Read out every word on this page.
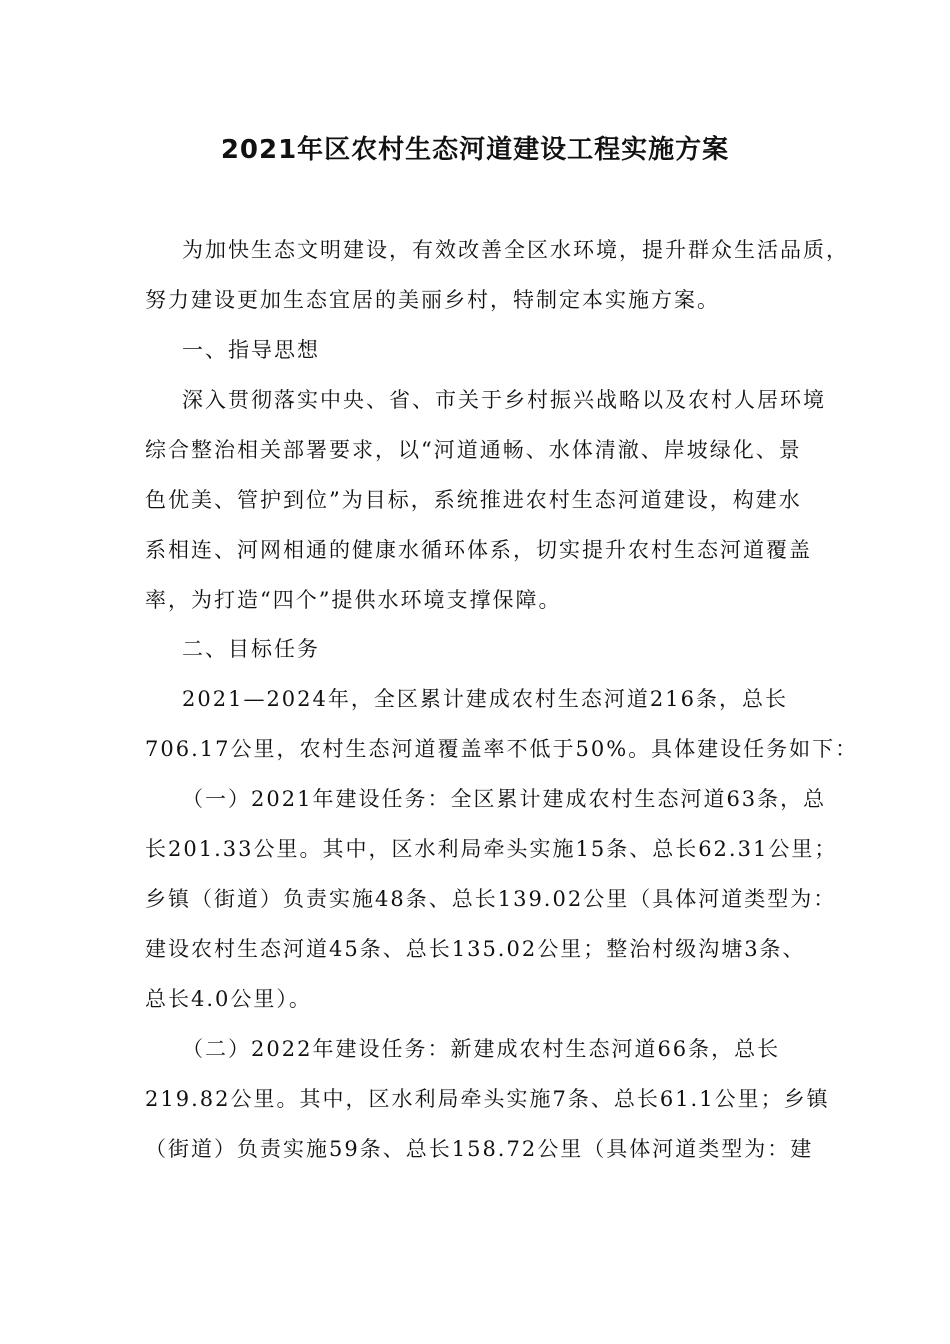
2021年区农村生态河道建设工程实施方案
为加快生态文明建设，有效改善全区水环境，提升群众生活品质，
努力建设更加生态宜居的美丽乡村，特制定本实施方案。
一、指导思想
深入贯彻落实中央、省、市关于乡村振兴战略以及农村人居环境
综合整治相关部署要求，以“河道通畅、水体清澈、岸坡绿化、景
色优美、管护到位”为目标，系统推进农村生态河道建设，构建水
系相连、河网相通的健康水循环体系，切实提升农村生态河道覆盖
率，为打造“四个”提供水环境支撑保障。
二、目标任务
2021—2024年，全区累计建成农村生态河道216条，总长
706.17公里，农村生态河道覆盖率不低于50%。具体建设任务如下：
（一）2021年建设任务：全区累计建成农村生态河道63条，总
长201.33公里。其中，区水利局牵头实施15条、总长62.31公里；
乡镇（街道）负责实施48条、总长139.02公里（具体河道类型为：
建设农村生态河道45条、总长135.02公里；整治村级沟塘3条、
总长4.0公里）。
（二）2022年建设任务：新建成农村生态河道66条，总长
219.82公里。其中，区水利局牵头实施7条、总长61.1公里；乡镇
（街道）负责实施59条、总长158.72公里（具体河道类型为：建
